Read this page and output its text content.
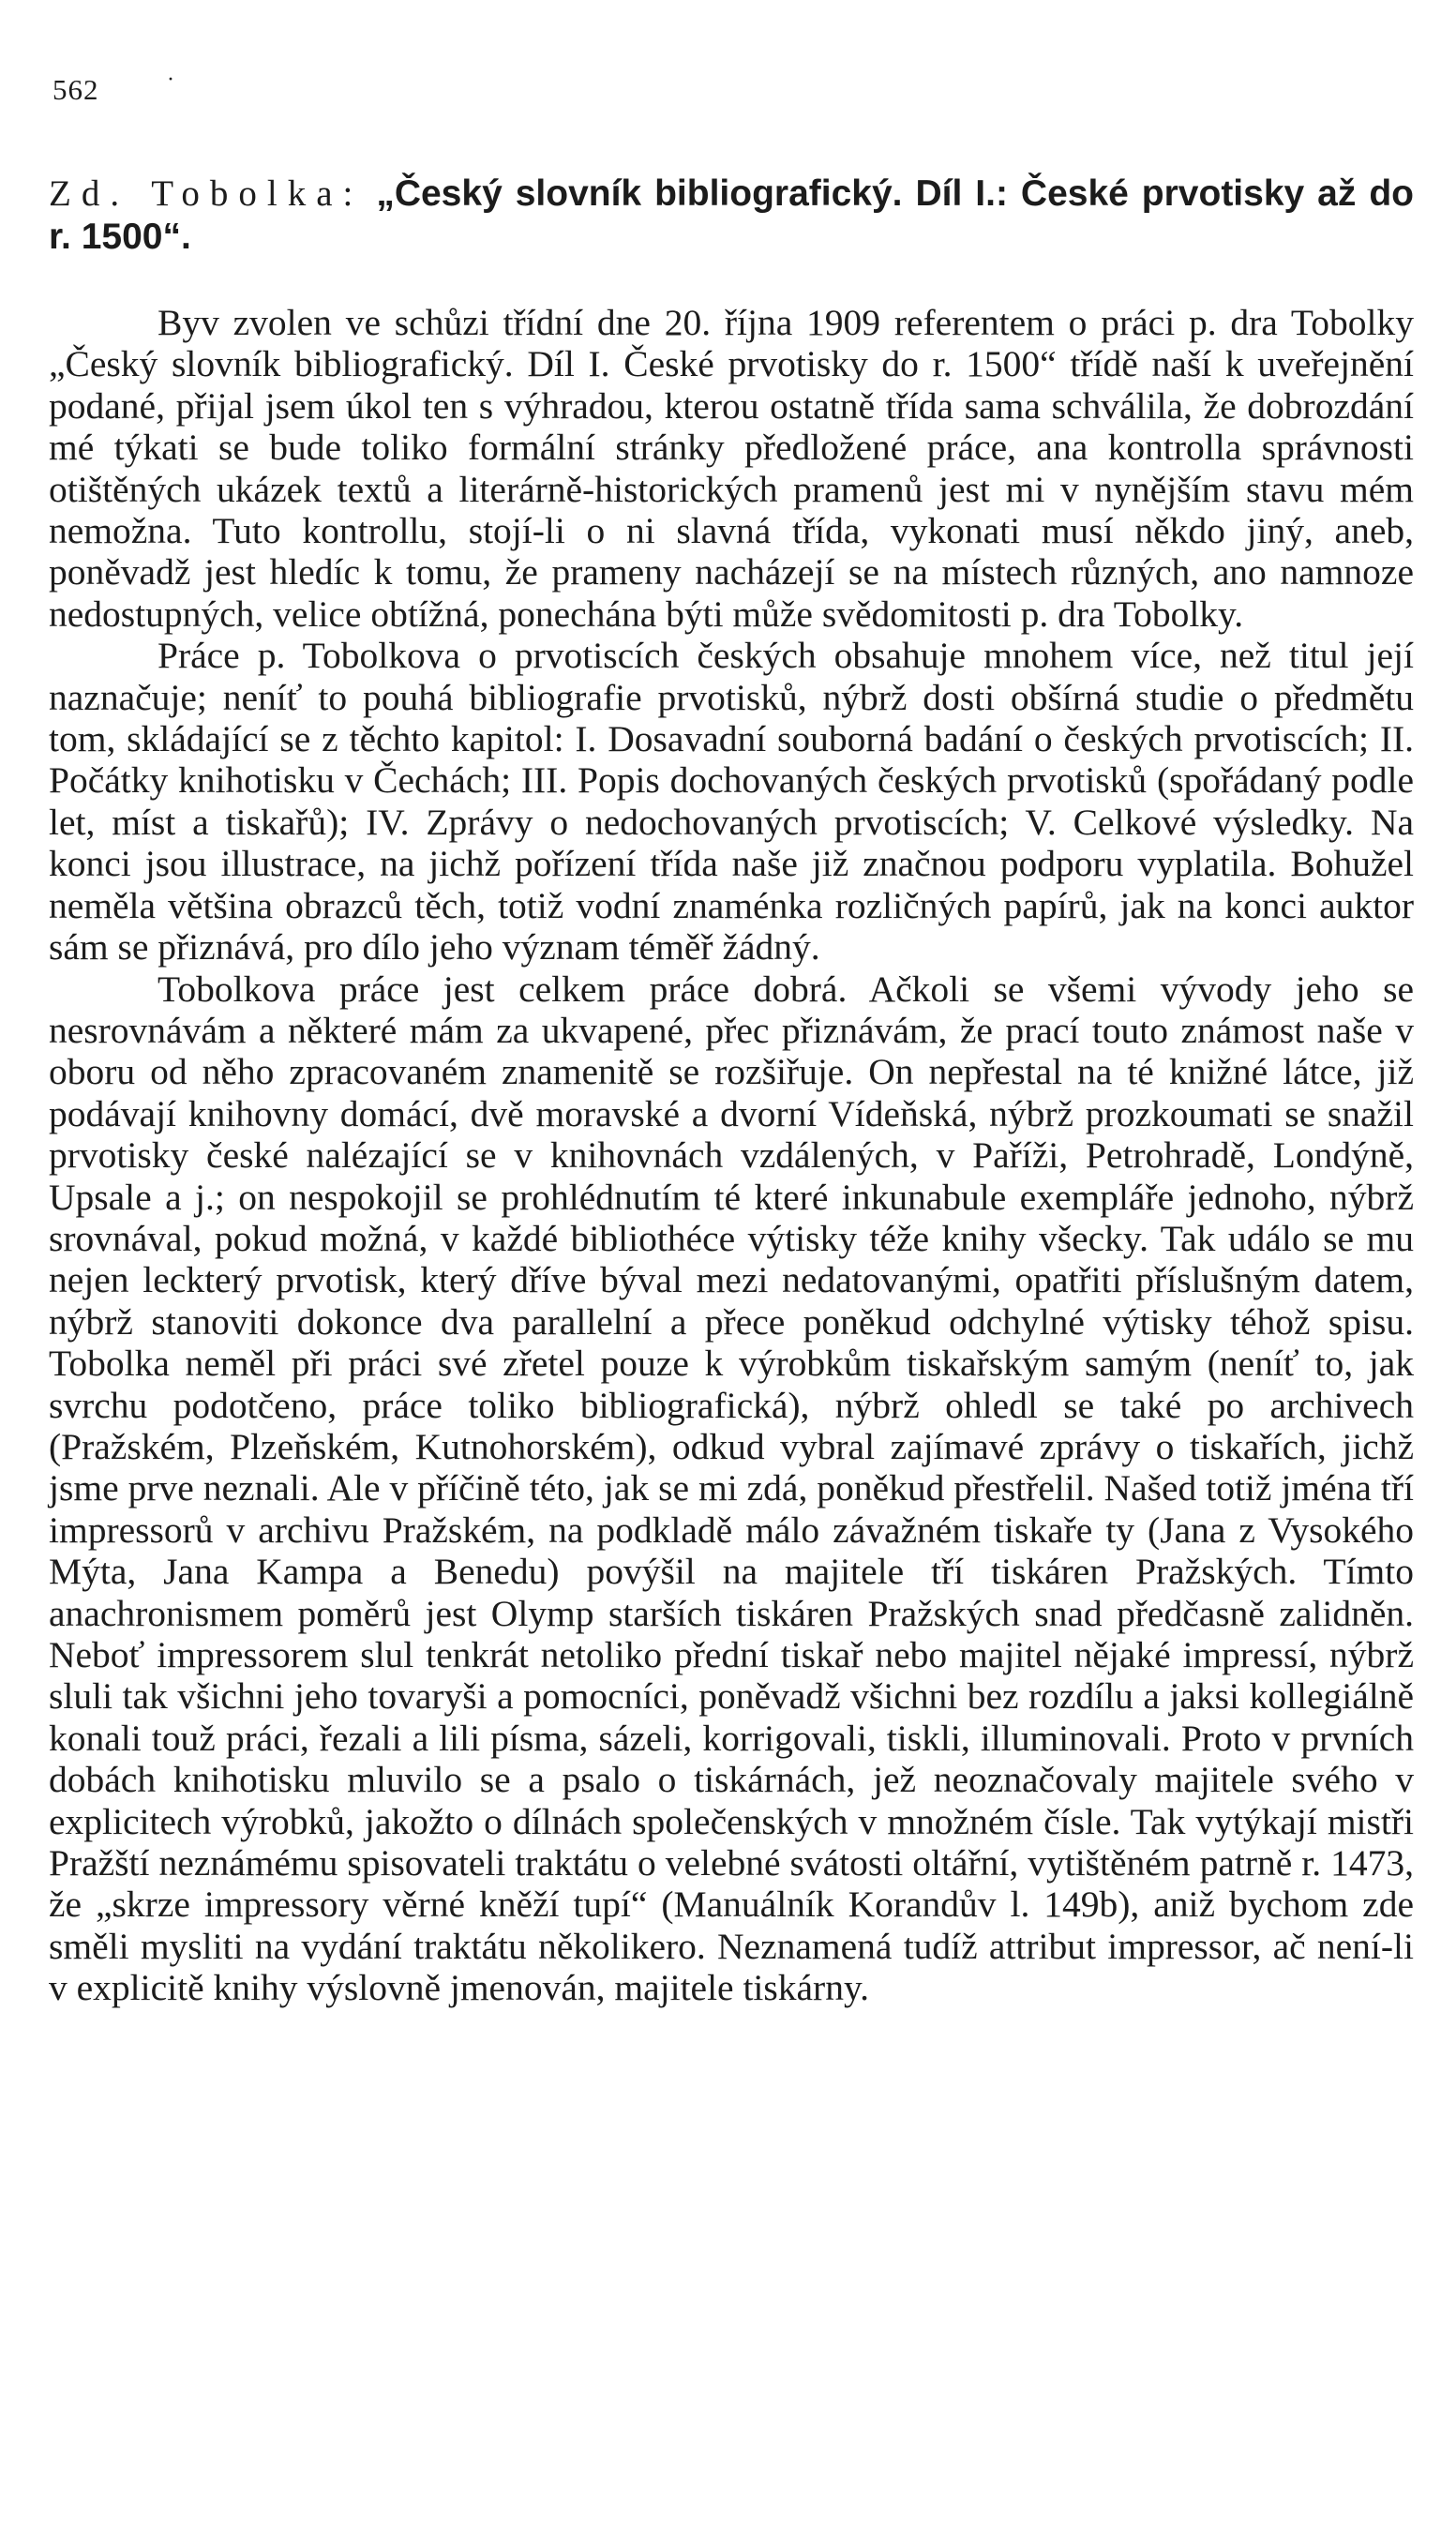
562	·
Zd. Tobolka: „Český slovník bibliografický. Díl I.: České prvotisky až do r. 1500“.

Byv zvolen ve schůzi třídní dne 20. října 1909 referentem o práci p. dra Tobolky „Český slovník bibliografický. Díl I. České prvotisky do r. 1500“ třídě naší k uveřejnění podané, přijal jsem úkol ten s výhradou, kterou ostatně třída sama schválila, že dobrozdání mé týkati se bude toliko formální stránky předložené práce, ana kontrolla správnosti otištěných ukázek textů a literárně-historických pramenů jest mi v nynějším stavu mém nemožna. Tuto kontrollu, stojí-li o ni slavná třída, vykonati musí někdo jiný, aneb, poněvadž jest hledíc k tomu, že prameny nacházejí se na místech různých, ano namnoze nedostupných, velice obtížná, ponechána býti může svědomitosti p. dra Tobolky.

Práce p. Tobolkova o prvotiscích českých obsahuje mnohem více, než titul její naznačuje; neníť to pouhá bibliografie prvotisků, nýbrž dosti obšírná studie o předmětu tom, skládající se z těchto kapitol: I. Dosavadní souborná badání o českých prvotiscích; II. Počátky knihotisku v Čechách; III. Popis dochovaných českých prvotisků (spořádaný podle let, míst a tiskařů); IV. Zprávy o nedochovaných prvotiscích; V. Celkové výsledky. Na konci jsou illustrace, na jichž pořízení třída naše již značnou podporu vyplatila. Bohužel neměla většina obrazců těch, totiž vodní znaménka rozličných papírů, jak na konci auktor sám se přiznává, pro dílo jeho význam téměř žádný.

Tobolkova práce jest celkem práce dobrá. Ačkoli se všemi vývody jeho se nesrovnávám a některé mám za ukvapené, přec přiznávám, že prací touto známost naše v oboru od něho zpracovaném znamenitě se rozšiřuje. On nepřestal na té knižné látce, již podávají knihovny domácí, dvě moravské a dvorní Vídeňská, nýbrž prozkoumati se snažil prvotisky české nalézající se v knihovnách vzdálených, v Paříži, Petrohradě, Londýně, Upsale a j.; on nespokojil se prohlédnutím té které inkunabule exempláře jednoho, nýbrž srovnával, pokud možná, v každé bibliothéce výtisky téže knihy všecky. Tak událo se mu nejen leckterý prvotisk, který dříve býval mezi nedatovanými, opatřiti příslušným datem, nýbrž stanoviti dokonce dva parallelní a přece poněkud odchylné výtisky téhož spisu. Tobolka neměl při práci své zřetel pouze k výrobkům tiskařským samým (neníť to, jak svrchu podotčeno, práce toliko bibliografická), nýbrž ohledl se také po archivech (Pražském, Plzeňském, Kutnohorském), odkud vybral zajímavé zprávy o tiskařích, jichž jsme prve neznali. Ale v příčině této, jak se mi zdá, poněkud přestřelil. Našed totiž jména tří impressorů v archivu Pražském, na podkladě málo závažném tiskaře ty (Jana z Vysokého Mýta, Jana Kampa a Benedu) povýšil na majitele tří tiskáren Pražských. Tímto anachronismem poměrů jest Olymp starších tiskáren Pražských snad předčasně zalidněn. Neboť impressorem slul tenkrát netoliko přední tiskař nebo majitel nějaké impressí, nýbrž sluli tak všichni jeho tovaryši a pomocníci, poněvadž všichni bez rozdílu a jaksi kollegiálně konali touž práci, řezali a lili písma, sázeli, korrigovali, tiskli, illuminovali. Proto v prvních dobách knihotisku mluvilo se a psalo o tiskárnách, jež neoznačovaly majitele svého v explicitech výrobků, jakožto o dílnách společenských v množném čísle. Tak vytýkají mistři Pražští neznámému spisovateli traktátu o velebné svátosti oltářní, vytištěném patrně r. 1473, že „skrze impressory věrné kněží tupí“ (Manuálník Korandův l. 149b), aniž bychom zde směli mysliti na vydání traktátu několikero. Neznamená tudíž attribut impressor, ač není-li v explicitě knihy výslovně jmenován, majitele tiskárny.
